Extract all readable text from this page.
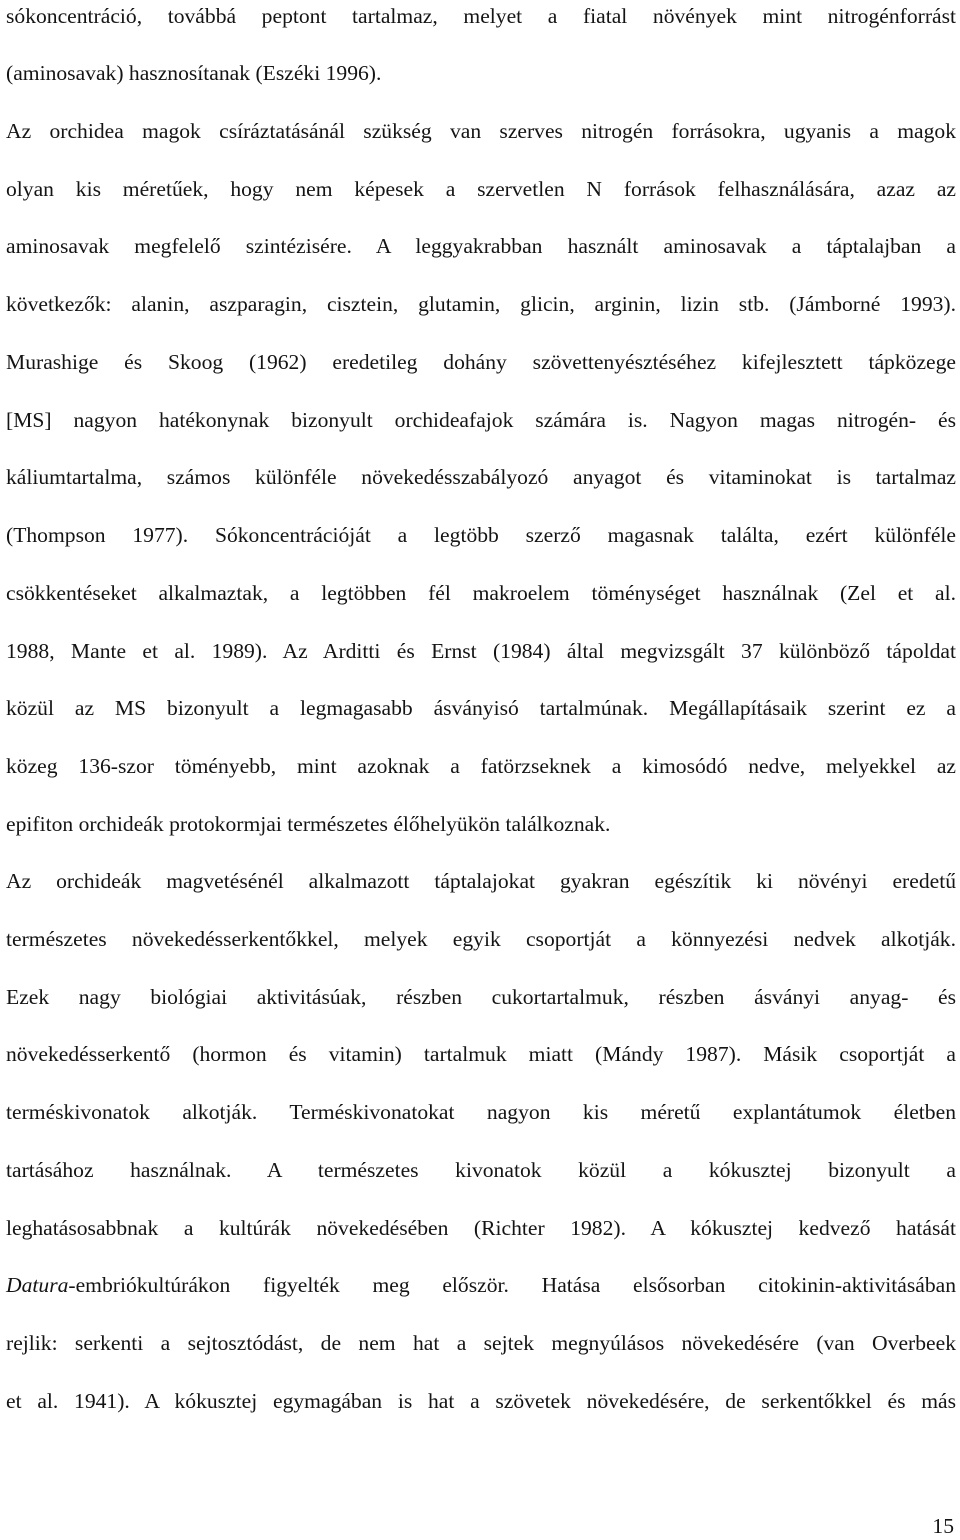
sókoncentráció, továbbá peptont tartalmaz, melyet a fiatal növények mint nitrogénforrást
(aminosavak) hasznosítanak (Eszéki 1996).
Az orchidea magok csíráztatásánál szükség van szerves nitrogén forrásokra, ugyanis a magok
olyan kis méretűek, hogy nem képesek a szervetlen N források felhasználására, azaz az
aminosavak megfelelő szintézisére. A leggyakrabban használt aminosavak a táptalajban a
következők: alanin, aszparagin, cisztein, glutamin, glicin, arginin, lizin stb. (Jámborné 1993).
Murashige és Skoog (1962) eredetileg dohány szövettenyésztéséhez kifejlesztett tápközege
[MS] nagyon hatékonynak bizonyult orchideafajok számára is. Nagyon magas nitrogén- és
káliumtartalma, számos különféle növekedésszabályozó anyagot és vitaminokat is tartalmaz
(Thompson 1977). Sókoncentrációját a legtöbb szerző magasnak találta, ezért különféle
csökkentéseket alkalmaztak, a legtöbben fél makroelem töménységet használnak (Zel et al.
1988, Mante et al. 1989). Az Arditti és Ernst (1984) által megvizsgált 37 különböző tápoldat
közül az MS bizonyult a legmagasabb ásványisó tartalmúnak. Megállapításaik szerint ez a
közeg 136-szor töményebb, mint azoknak a fatörzseknek a kimosódó nedve, melyekkel az
epifiton orchideák protokormjai természetes élőhelyükön találkoznak.
Az orchideák magvetésénél alkalmazott táptalajokat gyakran egészítik ki növényi eredetű
természetes növekedésserkentőkkel, melyek egyik csoportját a könnyezési nedvek alkotják.
Ezek nagy biológiai aktivitásúak, részben cukortartalmuk, részben ásványi anyag- és
növekedésserkentő (hormon és vitamin) tartalmuk miatt (Mándy 1987). Másik csoportját a
terméskivonatok alkotják. Terméskivonatokat nagyon kis méretű explantátumok életben
tartásához használnak. A természetes kivonatok közül a kókusztej bizonyult a
leghatásosabbnak a kultúrák növekedésében (Richter 1982). A kókusztej kedvező hatását
Datura-embriókultúrákon figyelték meg először. Hatása elsősorban citokinin-aktivitásában
rejlik: serkenti a sejtosztódást, de nem hat a sejtek megnyúlásos növekedésére (van Overbeek
et al. 1941). A kókusztej egymagában is hat a szövetek növekedésére, de serkentőkkel és más
15
